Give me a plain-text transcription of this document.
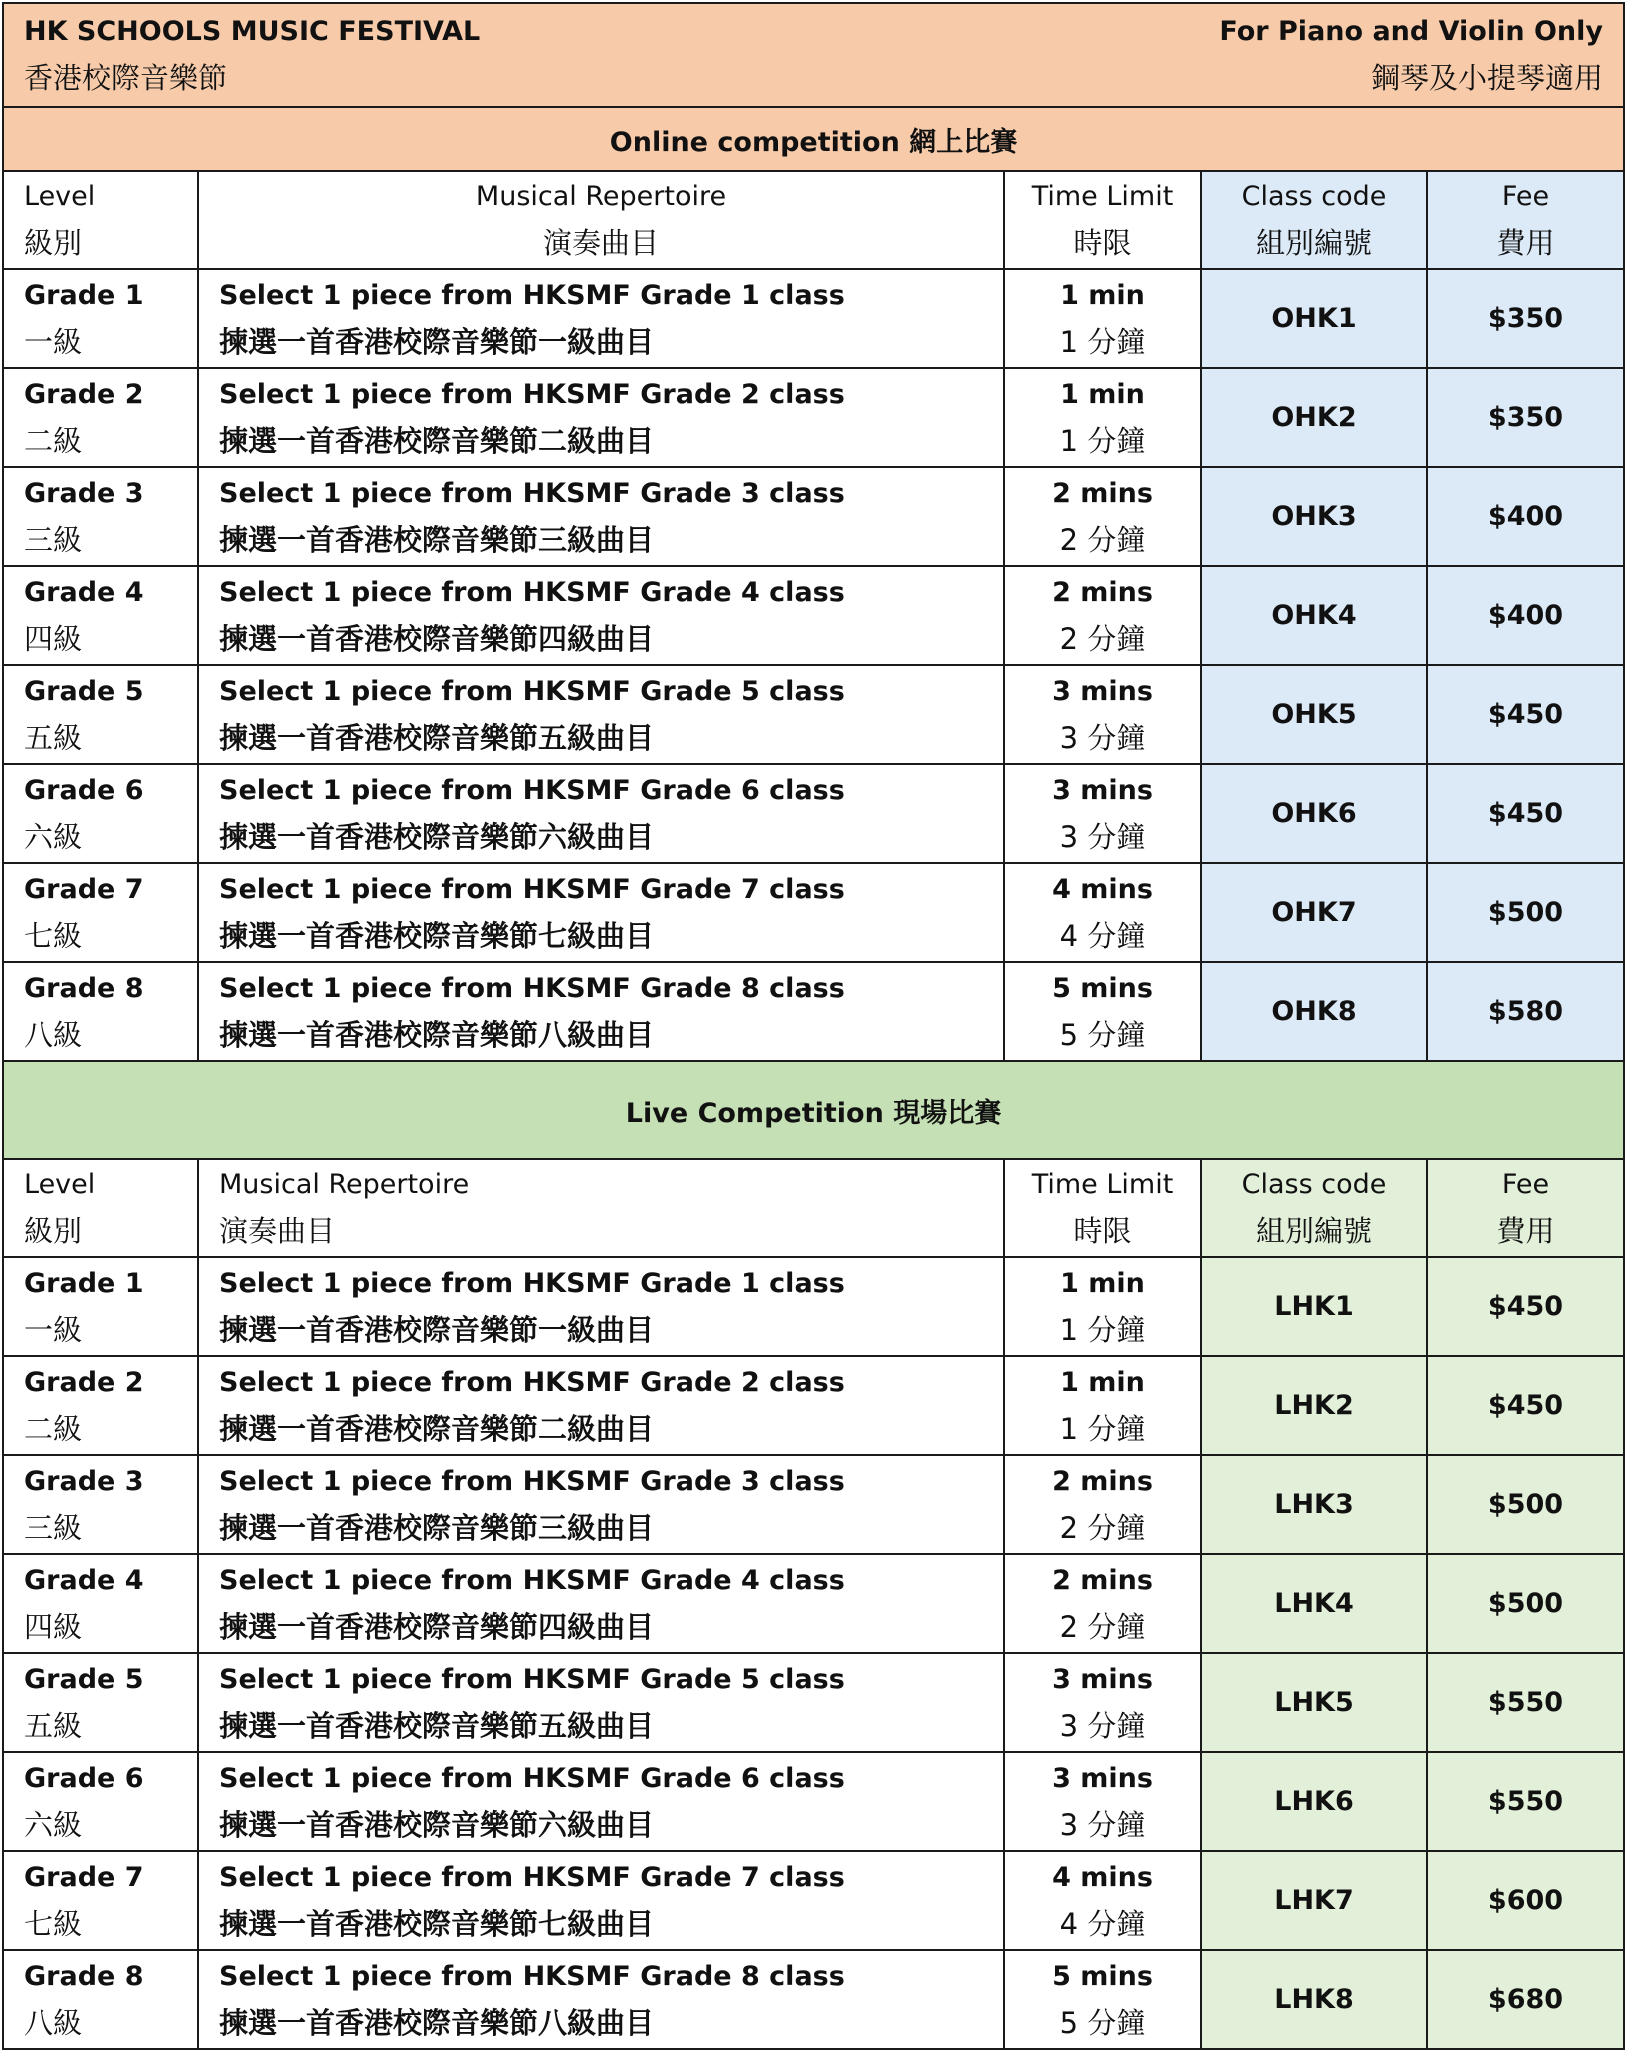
HK SCHOOLS MUSIC FESTIVAL
香港校際音樂節
For Piano and Violin Only
鋼琴及小提琴適用				

Online competition 網上比賽				

Level
級別	Musical Repertoire
演奏曲目	Time Limit
時限	Class code
組別編號	Fee
費用

Grade 1
一級	Select 1 piece from HKSMF Grade 1 class
揀選一首香港校際音樂節一級曲目	1 min
1 分鐘	OHK1	$350

Grade 2
二級	Select 1 piece from HKSMF Grade 2 class
揀選一首香港校際音樂節二級曲目	1 min
1 分鐘	OHK2	$350

Grade 3
三級	Select 1 piece from HKSMF Grade 3 class
揀選一首香港校際音樂節三級曲目	2 mins
2 分鐘	OHK3	$400

Grade 4
四級	Select 1 piece from HKSMF Grade 4 class
揀選一首香港校際音樂節四級曲目	2 mins
2 分鐘	OHK4	$400

Grade 5
五級	Select 1 piece from HKSMF Grade 5 class
揀選一首香港校際音樂節五級曲目	3 mins
3 分鐘	OHK5	$450

Grade 6
六級	Select 1 piece from HKSMF Grade 6 class
揀選一首香港校際音樂節六級曲目	3 mins
3 分鐘	OHK6	$450

Grade 7
七級	Select 1 piece from HKSMF Grade 7 class
揀選一首香港校際音樂節七級曲目	4 mins
4 分鐘	OHK7	$500

Grade 8
八級	Select 1 piece from HKSMF Grade 8 class
揀選一首香港校際音樂節八級曲目	5 mins
5 分鐘	OHK8	$580
Live Competition 現場比賽				

Level
級別	Musical Repertoire
演奏曲目	Time Limit
時限	Class code
組別編號	Fee
費用

Grade 1
一級	Select 1 piece from HKSMF Grade 1 class
揀選一首香港校際音樂節一級曲目	1 min
1 分鐘	LHK1	$450

Grade 2
二級	Select 1 piece from HKSMF Grade 2 class
揀選一首香港校際音樂節二級曲目	1 min
1 分鐘	LHK2	$450

Grade 3
三級	Select 1 piece from HKSMF Grade 3 class
揀選一首香港校際音樂節三級曲目	2 mins
2 分鐘	LHK3	$500

Grade 4
四級	Select 1 piece from HKSMF Grade 4 class
揀選一首香港校際音樂節四級曲目	2 mins
2 分鐘	LHK4	$500

Grade 5
五級	Select 1 piece from HKSMF Grade 5 class
揀選一首香港校際音樂節五級曲目	3 mins
3 分鐘	LHK5	$550

Grade 6
六級	Select 1 piece from HKSMF Grade 6 class
揀選一首香港校際音樂節六級曲目	3 mins
3 分鐘	LHK6	$550

Grade 7
七級	Select 1 piece from HKSMF Grade 7 class
揀選一首香港校際音樂節七級曲目	4 mins
4 分鐘	LHK7	$600

Grade 8
八級	Select 1 piece from HKSMF Grade 8 class
揀選一首香港校際音樂節八級曲目	5 mins
5 分鐘	LHK8	$680
